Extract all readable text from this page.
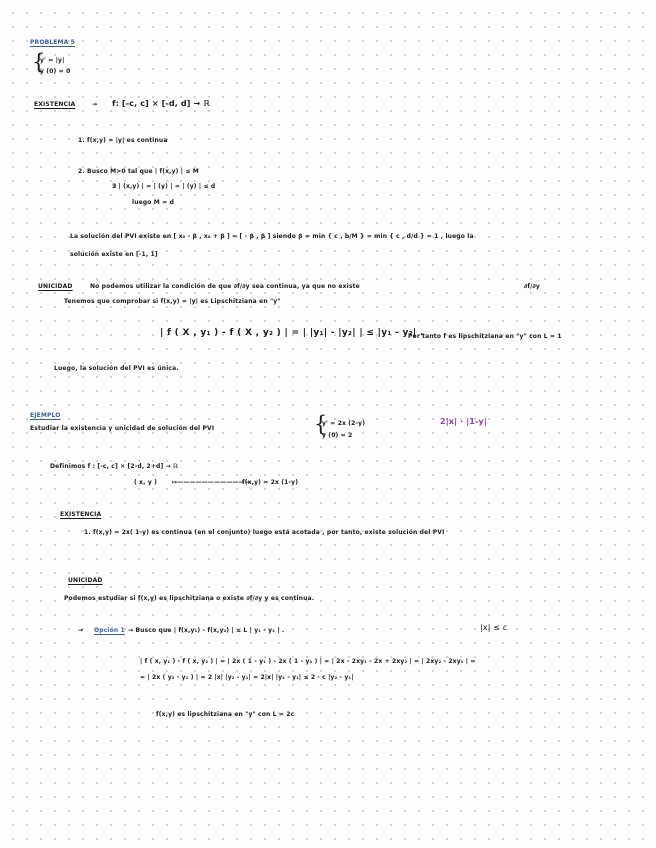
PROBLEMA 5
{
y' = |y|
y (0) = 0
EXISTENCIA	→ f: [-c, c] × [-d, d] → ℝ
1. f(x,y) = |y| es continua
2. Busco M>0 tal que | f(x,y) | ≤ M
∃ | (x,y) | = | (y) | = | (y) | ≤ d
luego M = d
La solución del PVI existe en [ x₀ - β , x₀ + β ] = [ - β , β ] siendo β = min { c , b/M } = min { c , d/d } = 1 , luego la
solución existe en [-1, 1]
UNICIDAD	No podemos utilizar la condición de que ∂f/∂y sea continua, ya que no existe	∂f/∂y
Tenemos que comprobar si f(x,y) = |y| es Lipschitziana en "y"
| f ( X , y₁ ) - f ( X , y₂ ) | = | |y₁| - |y₂| | ≤ |y₁ - y₂| .
Por tanto f es lipschitziana en "y" con L = 1
Luego, la solución del PVI es única.
EJEMPLO
Estudiar la existencia y unicidad de solución del PVI	{
y' = 2x (2-y)
y (0) = 2
2|x| · |1-y|
Definimos f : [-c, c] × [2-d, 2+d] → ℝ
( x, y ) ↦————————————
f(x,y) = 2x (1-y)
EXISTENCIA
1. f(x,y) = 2x( 1-y) es continua (en el conjunto) luego está acotada , por tanto, existe solución del PVI
UNICIDAD
Podemos estudiar si f(x,y) es lipschitziana o existe ∂f/∂y y es continua.
→ Opción 1 → Busco que | f(x,y₁) - f(x,y₂) | ≤ L | y₁ - y₂ | .	|x| ≤ c
| f ( x, y₁ ) - f ( x, y₂ ) | = | 2x ( 1 - y₁ ) - 2x ( 1 - y₂ ) | = | 2x - 2xy₁ - 2x + 2xy₂ | = | 2xy₂ - 2xy₁ | =
= | 2x ( y₂ - y₁ ) | = 2 |x| |y₂ - y₁| = 2|x| |y₂ - y₁| ≤ 2 · c |y₂ - y₁|
f(x,y) es lipschitziana en "y" con L = 2c
